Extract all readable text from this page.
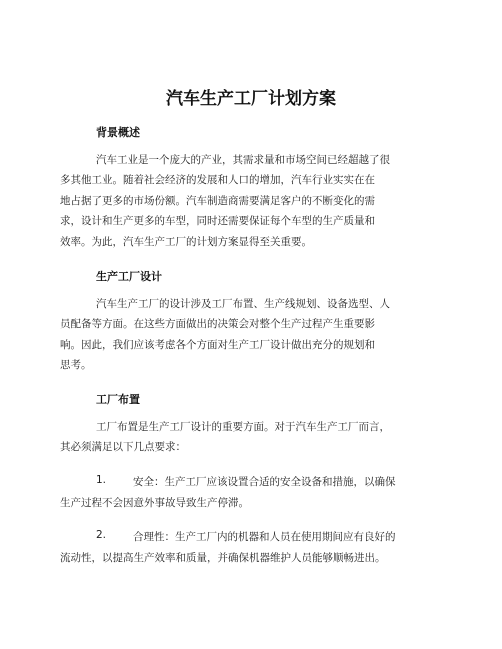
汽车生产工厂计划方案
背景概述
汽车工业是一个庞大的产业，其需求量和市场空间已经超越了很
多其他工业。随着社会经济的发展和人口的增加，汽车行业实实在在
地占据了更多的市场份额。汽车制造商需要满足客户的不断变化的需
求，设计和生产更多的车型，同时还需要保证每个车型的生产质量和
效率。为此，汽车生产工厂的计划方案显得至关重要。
生产工厂设计
汽车生产工厂的设计涉及工厂布置、生产线规划、设备选型、人
员配备等方面。在这些方面做出的决策会对整个生产过程产生重要影
响。因此，我们应该考虑各个方面对生产工厂设计做出充分的规划和
思考。
工厂布置
工厂布置是生产工厂设计的重要方面。对于汽车生产工厂而言，
其必须满足以下几点要求：
1.	安全：生产工厂应该设置合适的安全设备和措施，以确保
生产过程不会因意外事故导致生产停滞。
2.	合理性：生产工厂内的机器和人员在使用期间应有良好的
流动性，以提高生产效率和质量，并确保机器维护人员能够顺畅进出。
